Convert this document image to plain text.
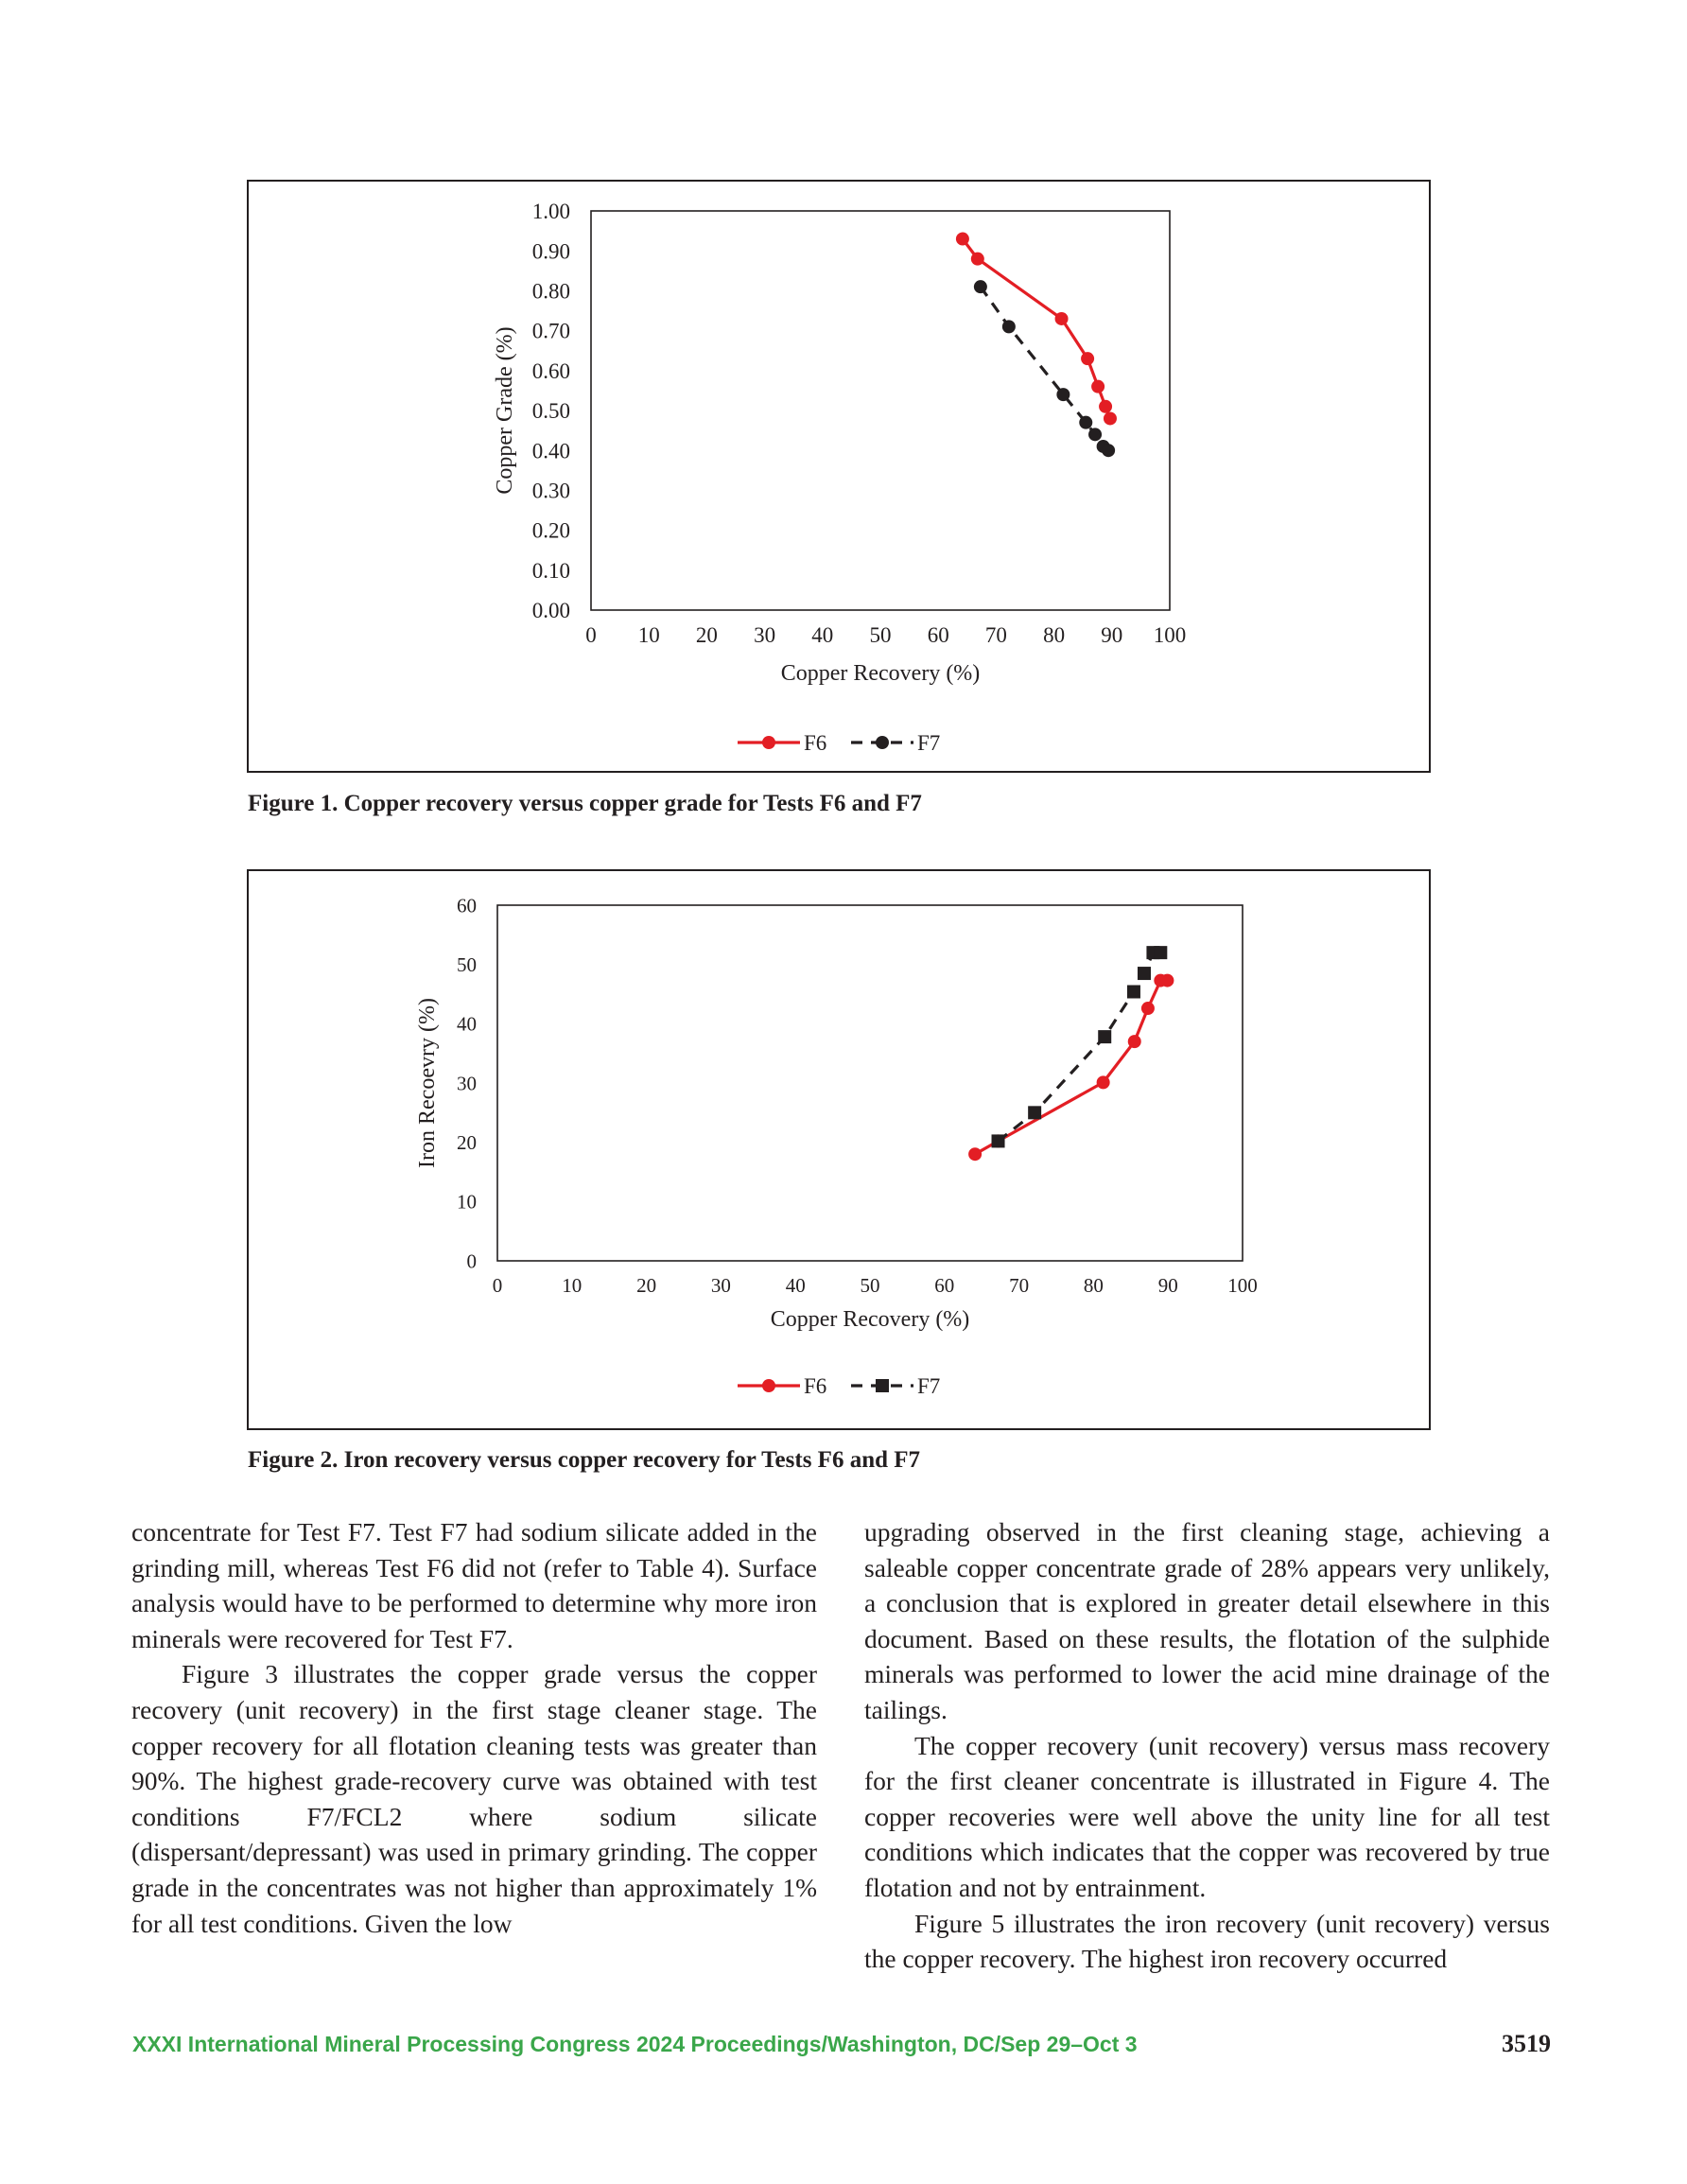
0 10 20 30 40 50 60 70 80 90 100
0.00
0.10
0.20
0.30
0.40
0.50
0.60
0.70
0.80
0.90
1.00
Copper Recovery (%)
Copper Grade (%)
F6	F7
Figure 1. Copper recovery versus copper grade for Tests F6 and F7
0	10	20	30	40	50	60	70	80	90	100
0
10
20
30
40
50
60
Copper Recovery (%)
Iron Recoevry (%)
F6	F7
Figure 2. Iron recovery versus copper recovery for Tests F6 and F7

concentrate for Test F7. Test F7 had sodium silicate added in the grinding mill, whereas Test F6 did not (refer to Table 4). Surface analysis would have to be performed to determine why more iron minerals were recovered for Test F7.

Figure 3 illustrates the copper grade versus the copper recovery (unit recovery) in the first stage cleaner stage. The copper recovery for all flotation cleaning tests was greater than 90%. The highest grade-recovery curve was obtained with test conditions F7/FCL2 where sodium silicate (dispersant/depressant) was used in primary grinding. The copper grade in the concentrates was not higher than approximately 1% for all test conditions. Given the low

upgrading observed in the first cleaning stage, achieving a saleable copper concentrate grade of 28% appears very unlikely, a conclusion that is explored in greater detail elsewhere in this document. Based on these results, the flotation of the sulphide minerals was performed to lower the acid mine drainage of the tailings.

The copper recovery (unit recovery) versus mass recovery for the first cleaner concentrate is illustrated in Figure 4. The copper recoveries were well above the unity line for all test conditions which indicates that the copper was recovered by true flotation and not by entrainment.

Figure 5 illustrates the iron recovery (unit recovery) versus the copper recovery. The highest iron recovery occurred

XXXI International Mineral Processing Congress 2024 Proceedings/Washington, DC/Sep 29–Oct 3	3519
